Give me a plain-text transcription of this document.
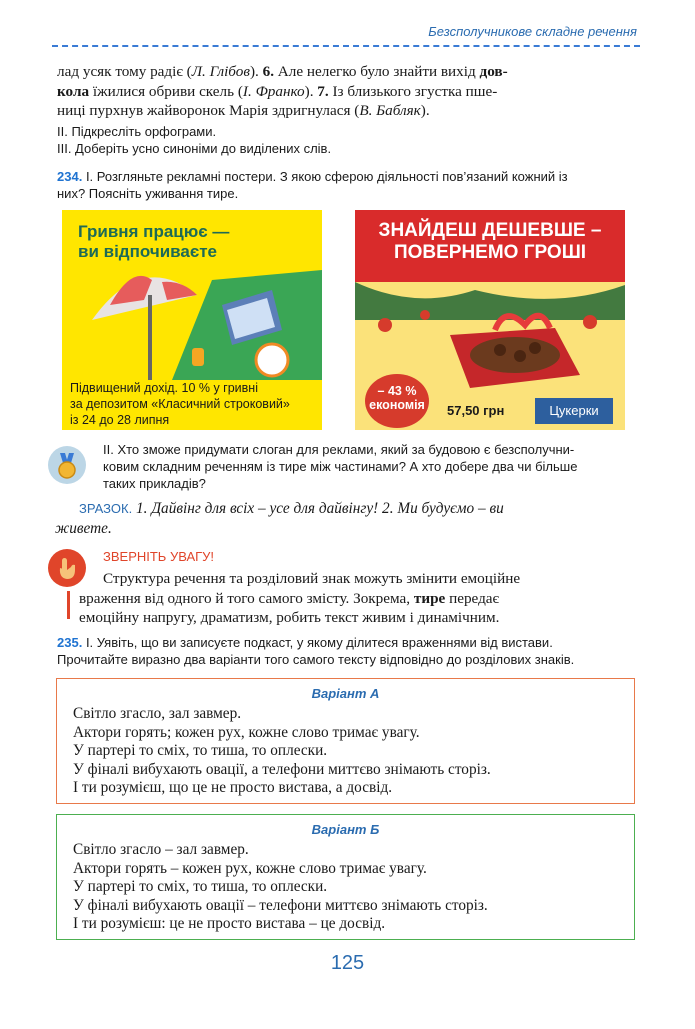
Безсполучникове складне речення
лад усяк тому радіє (Л. Глібов). 6. Але нелегко було знайти вихід дов-
кола їжилися обриви скель (І. Франко). 7. Із близького згустка пше-
ниці пурхнув жайворонок Марія здригнулася (В. Бабляк).
ІІ. Підкресліть орфограми.
ІІІ. Доберіть усно синоніми до виділених слів.
234. І. Розгляньте рекламні постери. З якою сферою діяльності пов’язаний кожний із
них? Поясніть уживання тире.
Гривня працює —
ви відпочиваєте
Підвищений дохід. 10 % у гривні
за депозитом «Класичний строковий»
із 24 до 28 липня
ЗНАЙДЕШ ДЕШЕВШЕ –
ПОВЕРНЕМО ГРОШІ
– 43 %
економія	57,50 грн	Цукерки
ІІ. Хто зможе придумати слоган для реклами, який за будовою є безсполучни-
ковим складним реченням із тире між частинами? А хто добере два чи більше
таких прикладів?
ЗРАЗОК. 1. Дайвінг для всіх – усе для дайвінгу! 2. Ми будуємо – ви
живете.
ЗВЕРНІТЬ УВАГУ!
Структура речення та розділовий знак можуть змінити емоційне
враження від одного й того самого змісту. Зокрема, тире передає
емоційну напругу, драматизм, робить текст живим і динамічним.
235. І. Уявіть, що ви записуєте подкаст, у якому ділитеся враженнями від вистави.
Прочитайте виразно два варіанти того самого тексту відповідно до розділових знаків.
Варіант А
Світло згасло, зал завмер.
Актори горять; кожен рух, кожне слово тримає увагу.
У партері то сміх, то тиша, то оплески.
У фіналі вибухають овації, а телефони миттєво знімають сторіз.
І ти розумієш, що це не просто вистава, а досвід.
Варіант Б
Світло згасло – зал завмер.
Актори горять – кожен рух, кожне слово тримає увагу.
У партері то сміх, то тиша, то оплески.
У фіналі вибухають овації – телефони миттєво знімають сторіз.
І ти розумієш: це не просто вистава – це досвід.
125
